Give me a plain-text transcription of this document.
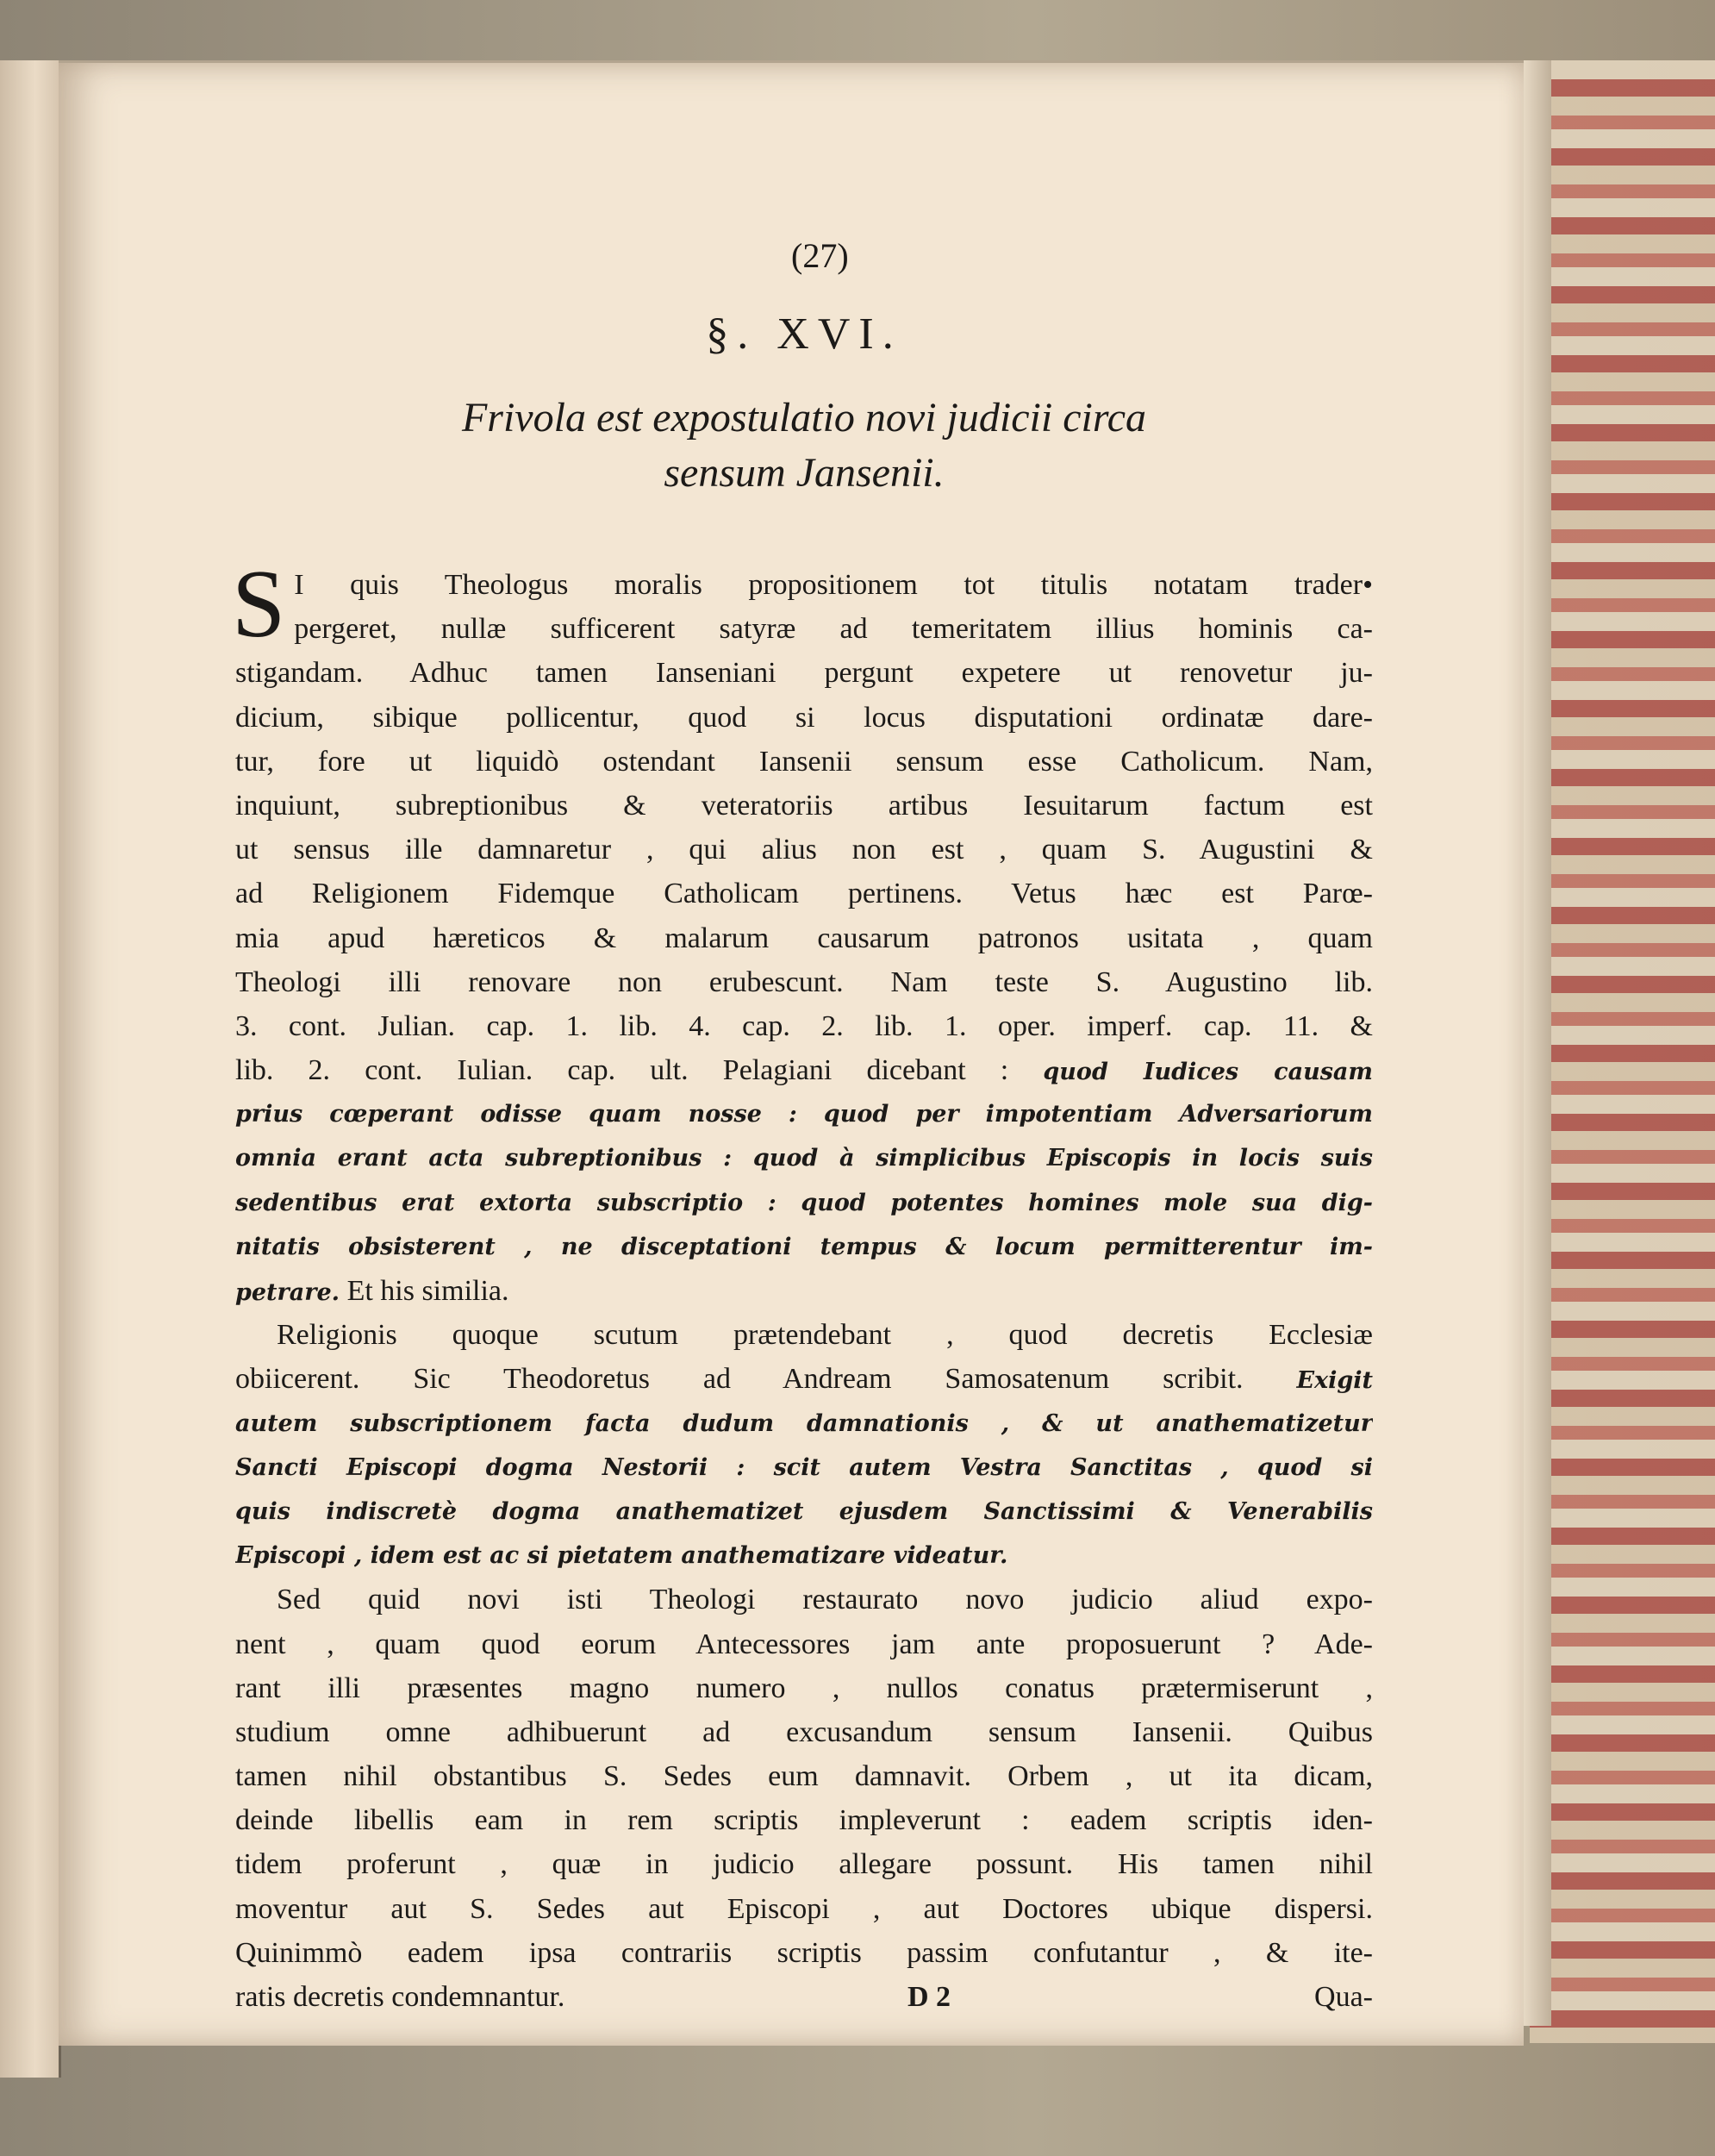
(27)
§. XVI.
Frivola est expostulatio novi judicii circa
sensum Jansenii.
S I quis Theologus moralis propositionem tot titulis notatam trader•
pergeret, nullæ sufficerent satyræ ad temeritatem illius hominis ca-
stigandam. Adhuc tamen Ianseniani pergunt expetere ut renovetur ju-
dicium, sibique pollicentur, quod si locus disputationi ordinatæ dare-
tur, fore ut liquidò ostendant Iansenii sensum esse Catholicum. Nam,
inquiunt, subreptionibus & veteratoriis artibus Iesuitarum factum est
ut sensus ille damnaretur , qui alius non est , quam S. Augustini &
ad Religionem Fidemque Catholicam pertinens. Vetus hæc est Parœ-
mia apud hæreticos & malarum causarum patronos usitata , quam
Theologi illi renovare non erubescunt. Nam teste S. Augustino lib.
3. cont. Julian. cap. 1. lib. 4. cap. 2. lib. 1. oper. imperf. cap. 11. &
lib. 2. cont. Iulian. cap. ult. Pelagiani dicebant : quod Iudices causam
prius cœperant odisse quam nosse : quod per impotentiam Adversariorum
omnia erant acta subreptionibus : quod à simplicibus Episcopis in locis suis
sedentibus erat extorta subscriptio : quod potentes homines mole sua dig-
nitatis obsisterent , ne disceptationi tempus & locum permitterentur im-
petrare. Et his similia.
Religionis quoque scutum prætendebant , quod decretis Ecclesiæ
obiicerent. Sic Theodoretus ad Andream Samosatenum scribit. Exigit
autem subscriptionem facta dudum damnationis , & ut anathematizetur
Sancti Episcopi dogma Nestorii : scit autem Vestra Sanctitas , quod si
quis indiscretè dogma anathematizet ejusdem Sanctissimi & Venerabilis
Episcopi , idem est ac si pietatem anathematizare videatur.
Sed quid novi isti Theologi restaurato novo judicio aliud expo-
nent , quam quod eorum Antecessores jam ante proposuerunt ? Ade-
rant illi præsentes magno numero , nullos conatus prætermiserunt ,
studium omne adhibuerunt ad excusandum sensum Iansenii. Quibus
tamen nihil obstantibus S. Sedes eum damnavit. Orbem , ut ita dicam,
deinde libellis eam in rem scriptis impleverunt : eadem scriptis iden-
tidem proferunt , quæ in judicio allegare possunt. His tamen nihil
moventur aut S. Sedes aut Episcopi , aut Doctores ubique dispersi.
Quinimmò eadem ipsa contrariis scriptis passim confutantur , & ite-
ratis decretis condemnantur.	D 2	Qua-
